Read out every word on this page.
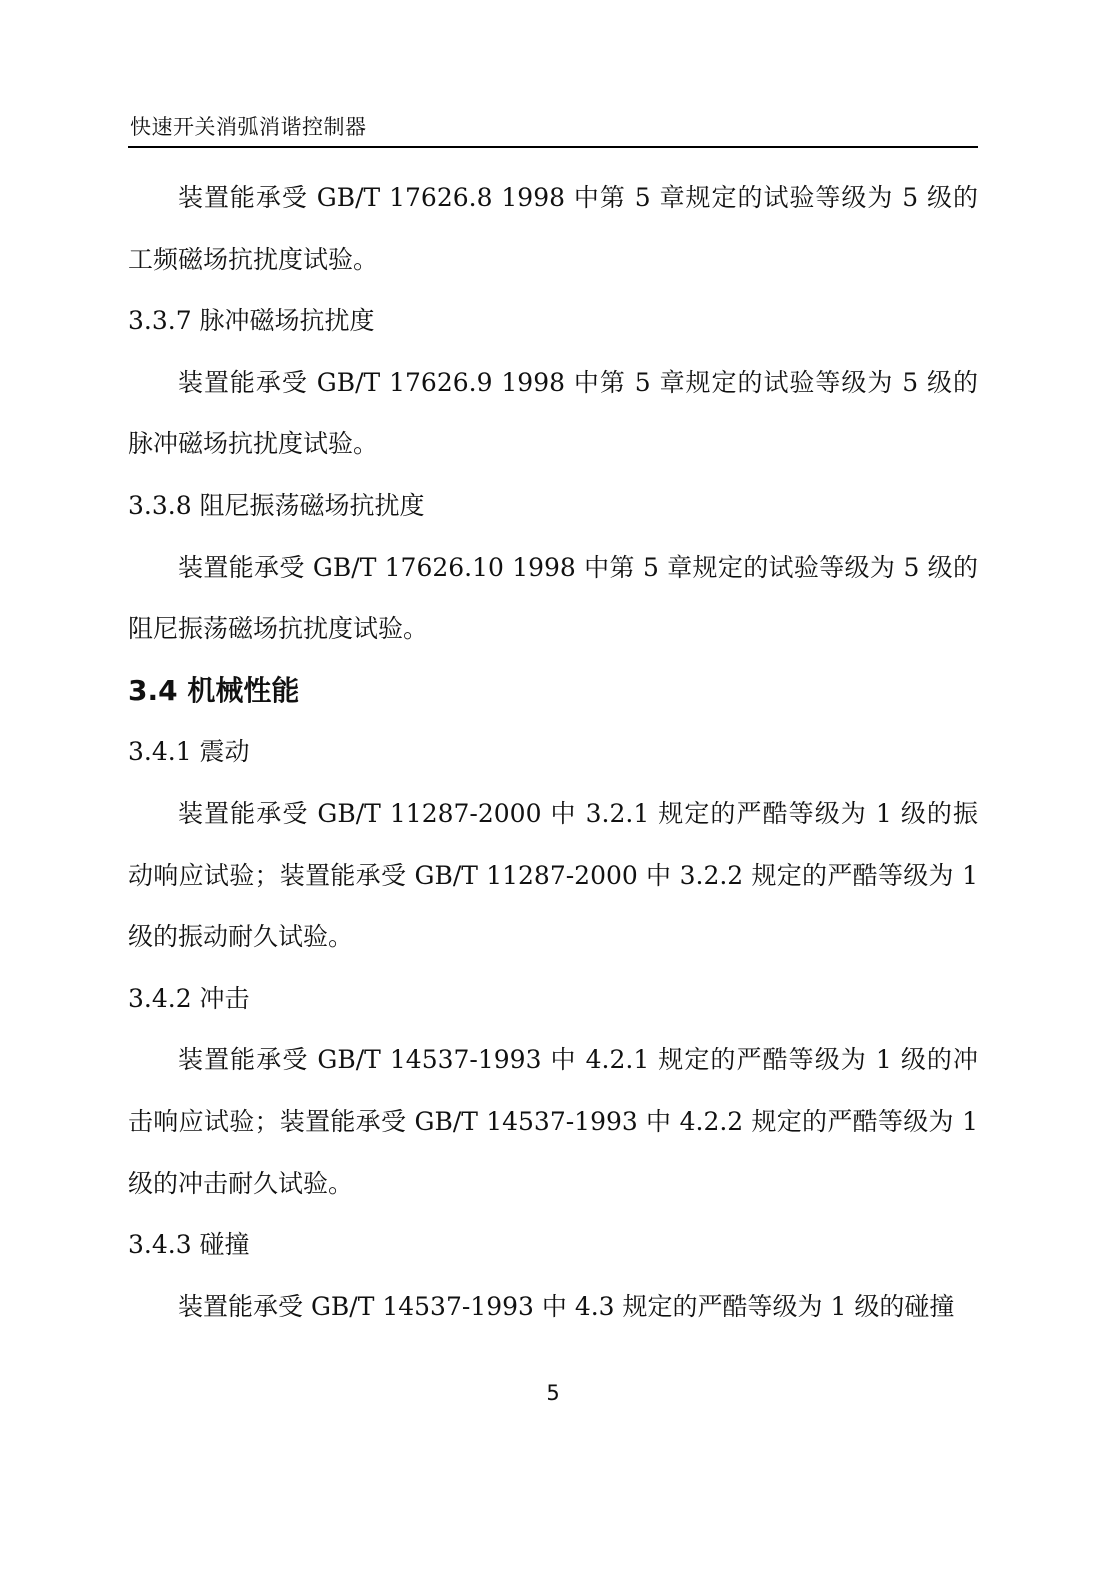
快速开关消弧消谐控制器

装置能承受 GB/T 17626.8 1998 中第 5 章规定的试验等级为 5 级的工频磁场抗扰度试验。

3.3.7 脉冲磁场抗扰度

装置能承受 GB/T 17626.9 1998 中第 5 章规定的试验等级为 5 级的脉冲磁场抗扰度试验。

3.3.8 阻尼振荡磁场抗扰度

装置能承受 GB/T 17626.10 1998 中第 5 章规定的试验等级为 5 级的阻尼振荡磁场抗扰度试验。

3.4 机械性能

3.4.1 震动

装置能承受 GB/T 11287-2000 中 3.2.1 规定的严酷等级为 1 级的振动响应试验；装置能承受 GB/T 11287-2000 中 3.2.2 规定的严酷等级为 1 级的振动耐久试验。

3.4.2 冲击

装置能承受 GB/T 14537-1993 中 4.2.1 规定的严酷等级为 1 级的冲击响应试验；装置能承受 GB/T 14537-1993 中 4.2.2 规定的严酷等级为 1 级的冲击耐久试验。

3.4.3 碰撞

装置能承受 GB/T 14537-1993 中 4.3 规定的严酷等级为 1 级的碰撞

5
